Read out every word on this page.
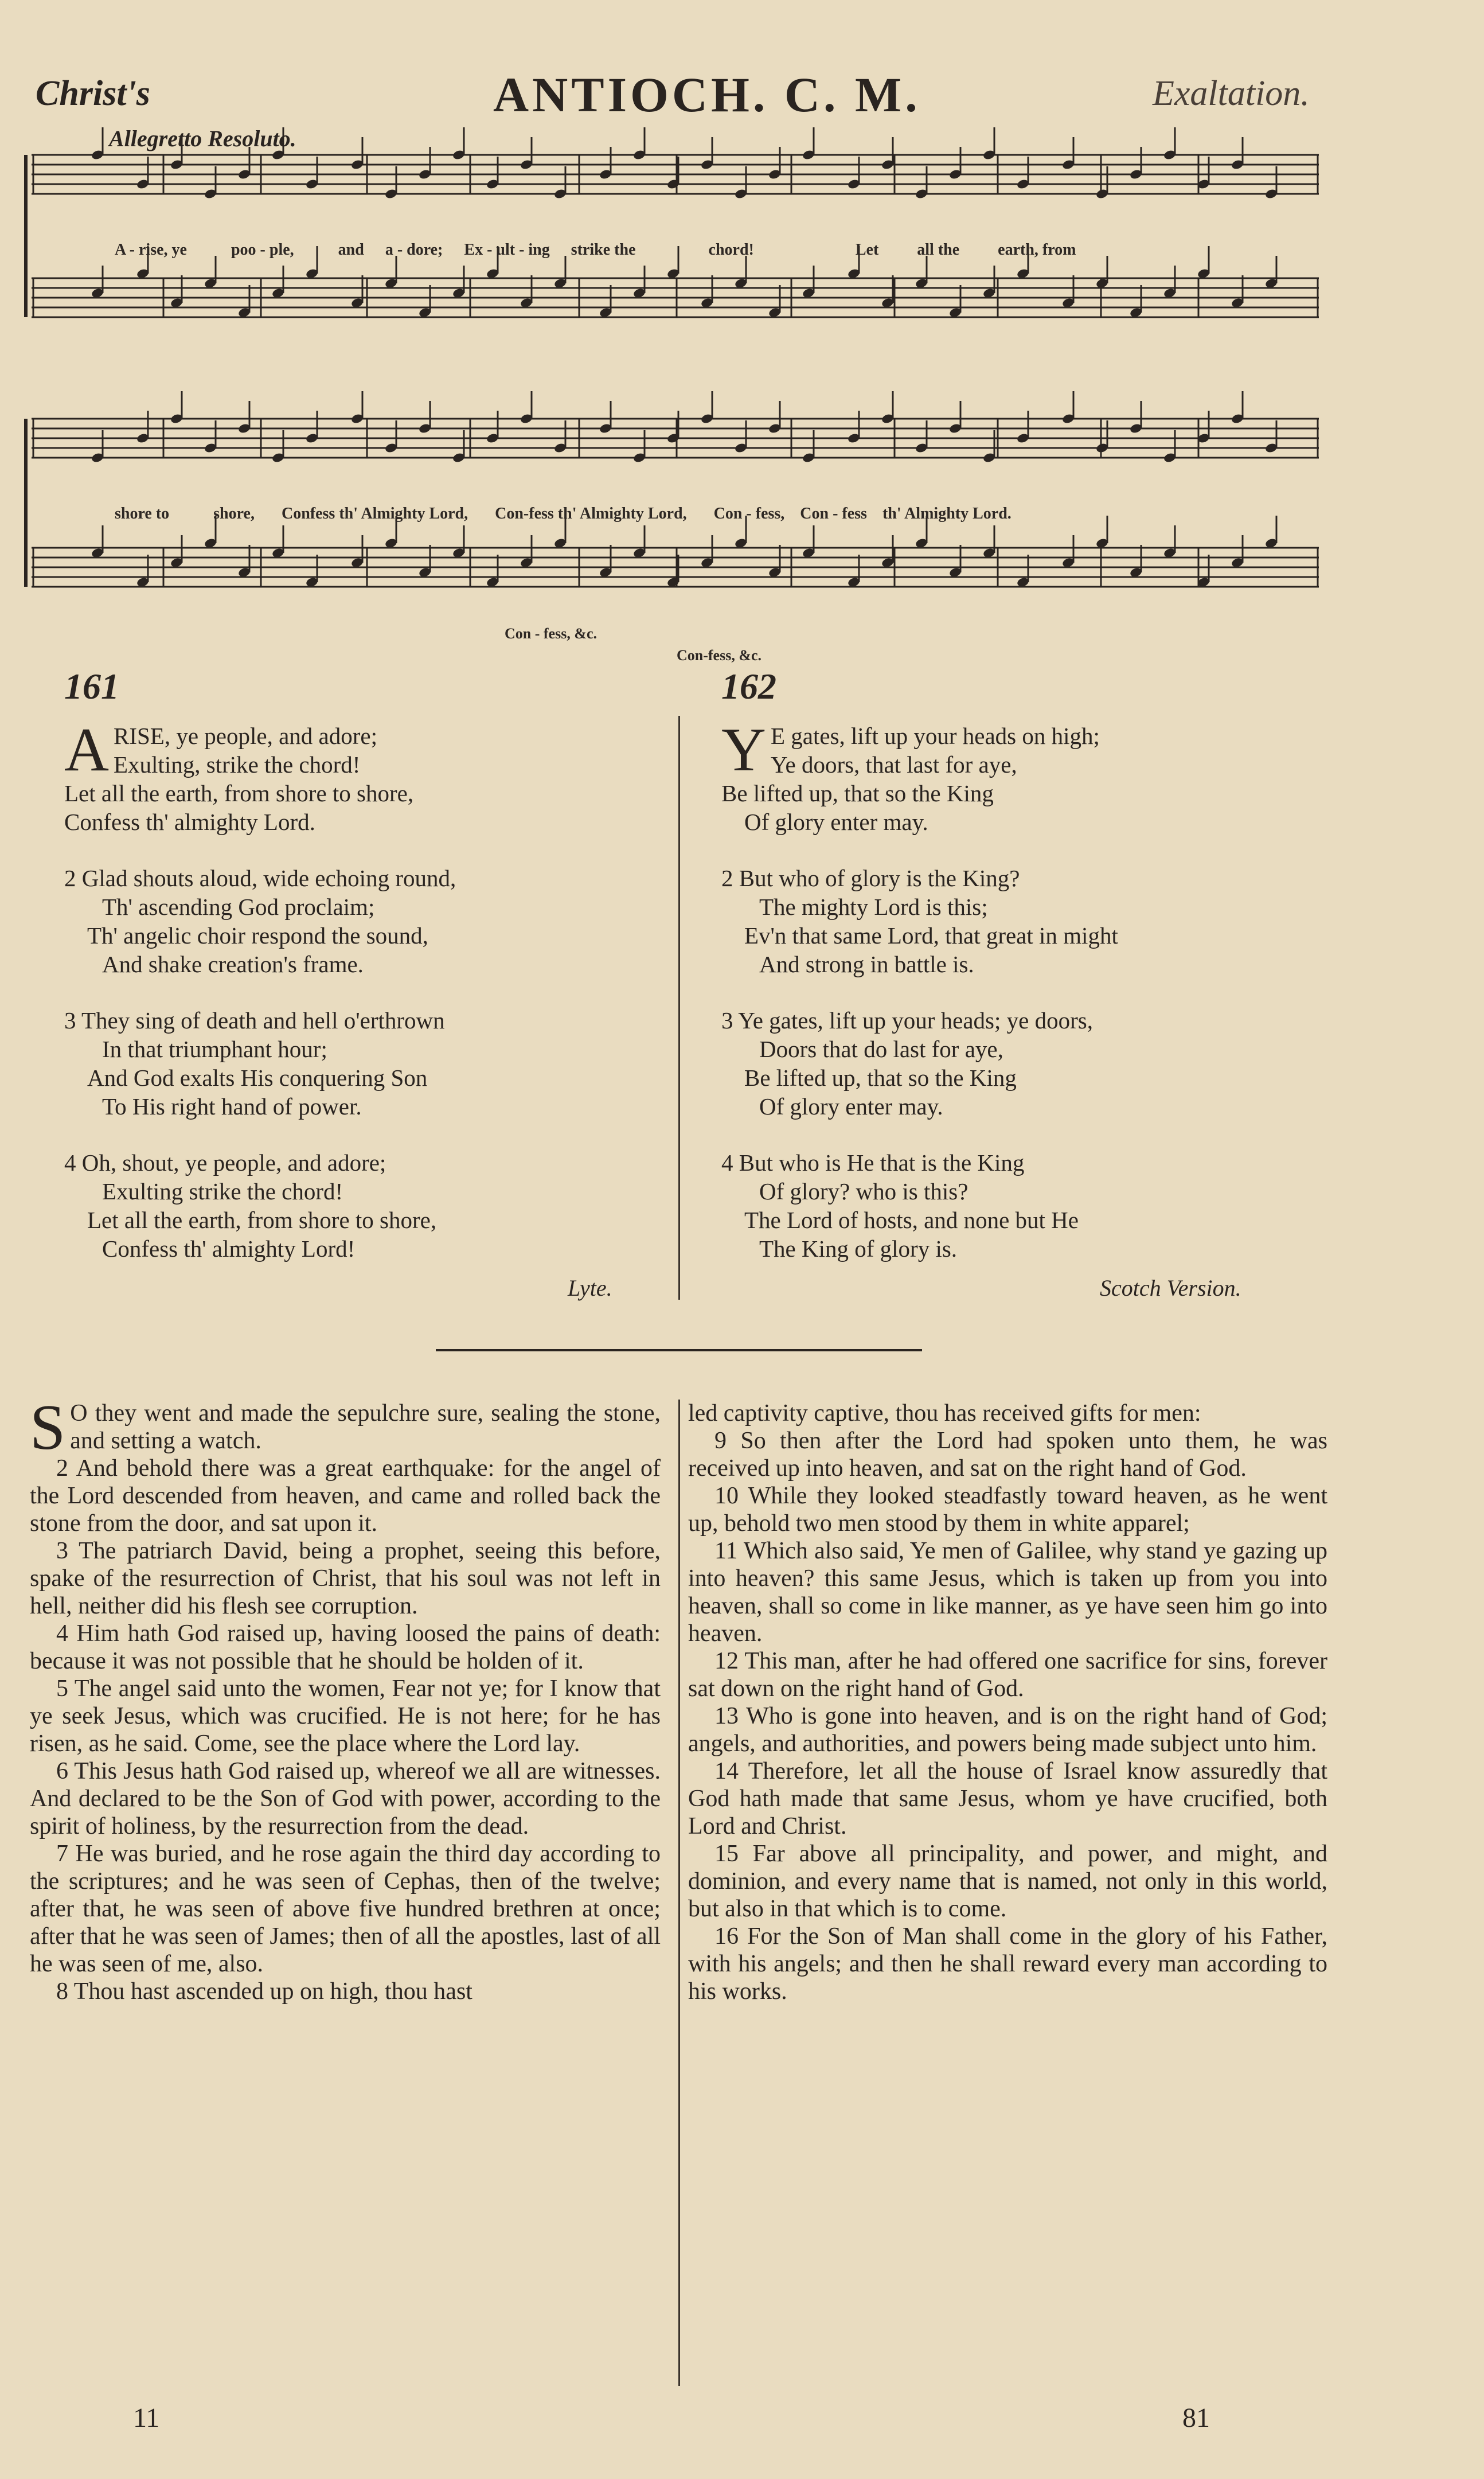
Christ's	ANTIOCH. C. M.	Exaltation.
Allegretto Resoluto.
A - rise, ye	poo - ple,	and a - dore; Ex - ult - ing strike the	chord!	Let all the earth, from
shore to	shore, Confess th' Almighty Lord, Con-fess th' Almighty Lord, Con - fess, Con - fess th' Almighty Lord.
Con - fess, &c.
Con-fess, &c.
161
A RISE, ye people, and adore;
Exulting, strike the chord!
Let all the earth, from shore to shore,
Confess th' almighty Lord.
2 Glad shouts aloud, wide echoing round,
Th' ascending God proclaim;
Th' angelic choir respond the sound,
And shake creation's frame.
3 They sing of death and hell o'erthrown
In that triumphant hour;
And God exalts His conquering Son
To His right hand of power.
4 Oh, shout, ye people, and adore;
Exulting strike the chord!
Let all the earth, from shore to shore,
Confess th' almighty Lord!
Lyte.
162
Y E gates, lift up your heads on high;
Ye doors, that last for aye,
Be lifted up, that so the King
Of glory enter may.
2 But who of glory is the King?
The mighty Lord is this;
Ev'n that same Lord, that great in might
And strong in battle is.
3 Ye gates, lift up your heads; ye doors,
Doors that do last for aye,
Be lifted up, that so the King
Of glory enter may.
4 But who is He that is the King
Of glory? who is this?
The Lord of hosts, and none but He
The King of glory is.
Scotch Version.

S O they went and made the sepulchre sure, sealing the stone, and setting a watch.

2 And behold there was a great earthquake: for the angel of the Lord descended from heaven, and came and rolled back the stone from the door, and sat upon it.

3 The patriarch David, being a prophet, seeing this before, spake of the resurrection of Christ, that his soul was not left in hell, neither did his flesh see corruption.

4 Him hath God raised up, having loosed the pains of death: because it was not possible that he should be holden of it.

5 The angel said unto the women, Fear not ye; for I know that ye seek Jesus, which was crucified. He is not here; for he has risen, as he said. Come, see the place where the Lord lay.

6 This Jesus hath God raised up, whereof we all are witnesses. And declared to be the Son of God with power, according to the spirit of holiness, by the resurrection from the dead.

7 He was buried, and he rose again the third day according to the scriptures; and he was seen of Cephas, then of the twelve; after that, he was seen of above five hundred brethren at once; after that he was seen of James; then of all the apostles, last of all he was seen of me, also.

8 Thou hast ascended up on high, thou hast

led captivity captive, thou has received gifts for men:

9 So then after the Lord had spoken unto them, he was received up into heaven, and sat on the right hand of God.

10 While they looked steadfastly toward heaven, as he went up, behold two men stood by them in white apparel;

11 Which also said, Ye men of Galilee, why stand ye gazing up into heaven? this same Jesus, which is taken up from you into heaven, shall so come in like manner, as ye have seen him go into heaven.

12 This man, after he had offered one sacrifice for sins, forever sat down on the right hand of God.

13 Who is gone into heaven, and is on the right hand of God; angels, and authorities, and powers being made subject unto him.

14 Therefore, let all the house of Israel know assuredly that God hath made that same Jesus, whom ye have crucified, both Lord and Christ.

15 Far above all principality, and power, and might, and dominion, and every name that is named, not only in this world, but also in that which is to come.

16 For the Son of Man shall come in the glory of his Father, with his angels; and then he shall reward every man according to his works.

11	81
